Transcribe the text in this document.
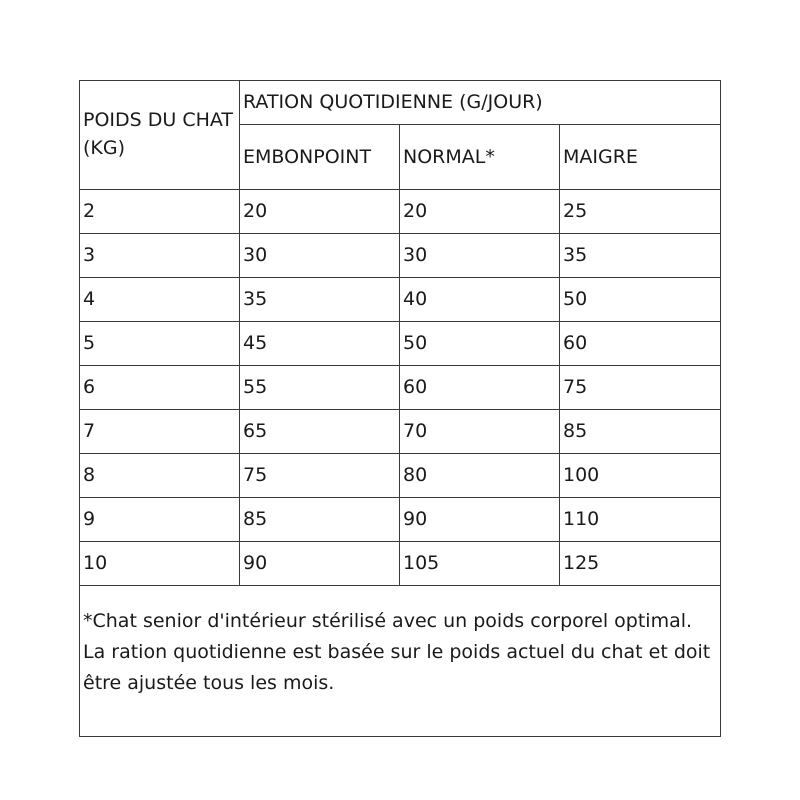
POIDS DU CHAT (KG)	RATION QUOTIDIENNE (G/JOUR)		
	EMBONPOINT	NORMAL*	MAIGRE
2	20	20	25
3	30	30	35
4	35	40	50
5	45	50	60
6	55	60	75
7	65	70	85
8	75	80	100
9	85	90	110
10	90	105	125
*Chat senior d'intérieur stérilisé avec un poids corporel optimal. La ration quotidienne est basée sur le poids actuel du chat et doit être ajustée tous les mois.			
